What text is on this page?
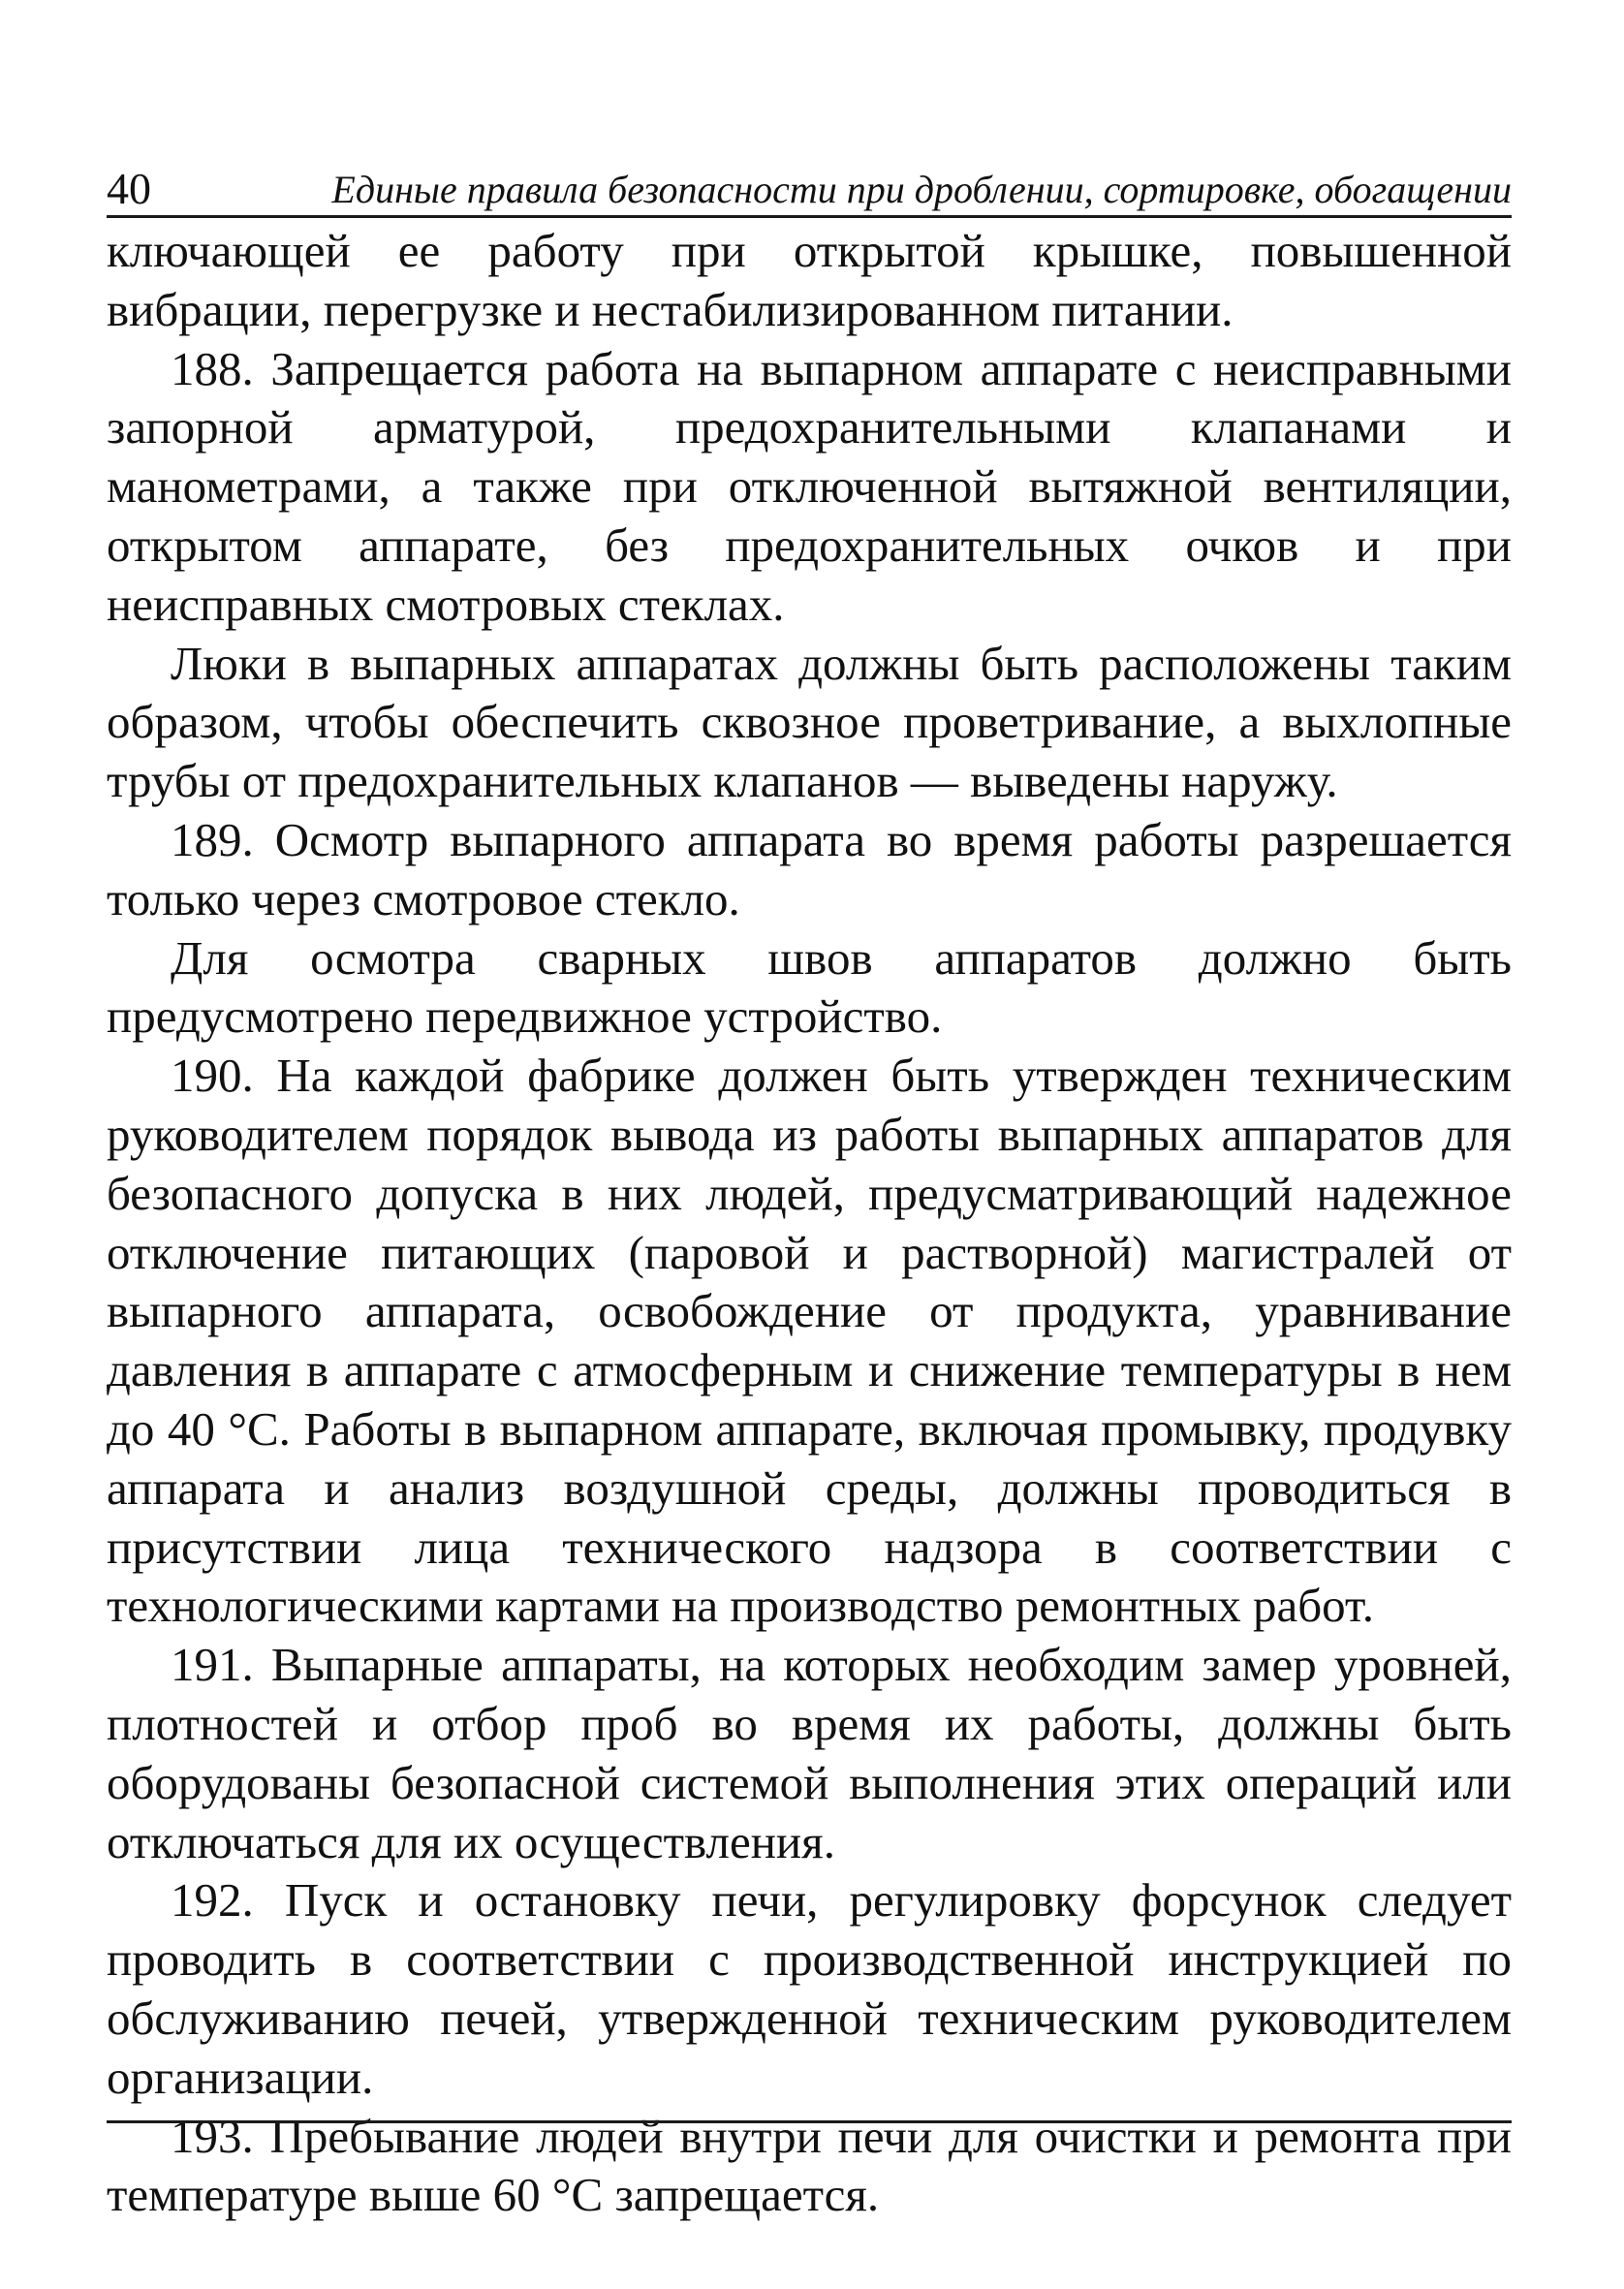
40	Единые правила безопасности при дроблении, сортировке, обогащении

ключающей ее работу при открытой крышке, повышенной вибрации, перегрузке и нестабилизированном питании.

188. Запрещается работа на выпарном аппарате с неисправными запорной арматурой, предохранительными клапанами и манометрами, а также при отключенной вытяжной вентиляции, открытом аппарате, без предохранительных очков и при неисправных смотровых стеклах.

Люки в выпарных аппаратах должны быть расположены таким образом, чтобы обеспечить сквозное проветривание, а выхлопные трубы от предохранительных клапанов — выведены наружу.

189. Осмотр выпарного аппарата во время работы разрешается только через смотровое стекло.

Для осмотра сварных швов аппаратов должно быть предусмотрено передвижное устройство.

190. На каждой фабрике должен быть утвержден техническим руководителем порядок вывода из работы выпарных аппаратов для безопасного допуска в них людей, предусматривающий надежное отключение питающих (паровой и растворной) магистралей от выпарного аппарата, освобождение от продукта, уравнивание давления в аппарате с атмосферным и снижение температуры в нем до 40 °С. Работы в выпарном аппарате, включая промывку, продувку аппарата и анализ воздушной среды, должны проводиться в присутствии лица технического надзора в соответствии с технологическими картами на производство ремонтных работ.

191. Выпарные аппараты, на которых необходим замер уровней, плотностей и отбор проб во время их работы, должны быть оборудованы безопасной системой выполнения этих операций или отключаться для их осуществления.

192. Пуск и остановку печи, регулировку форсунок следует проводить в соответствии с производственной инструкцией по обслуживанию печей, утвержденной техническим руководителем организации.

193. Пребывание людей внутри печи для очистки и ремонта при температуре выше 60 °С запрещается.
